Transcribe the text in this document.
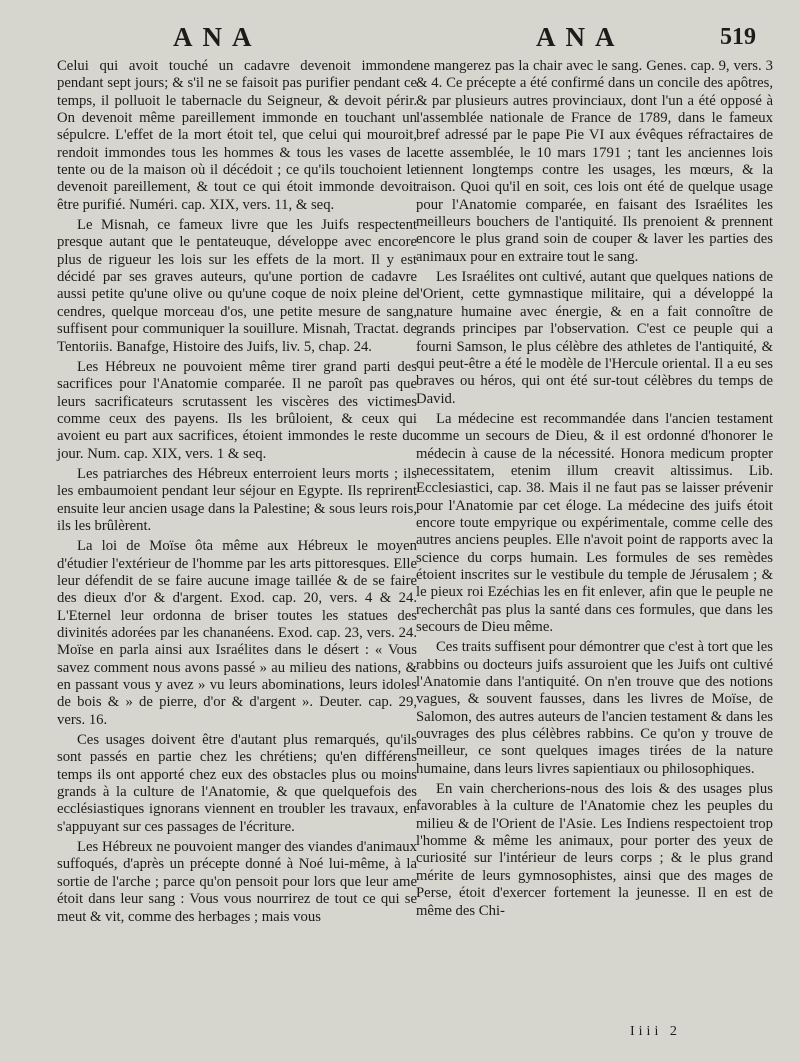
ANA	ANA	519

Celui qui avoit touché un cadavre devenoit immonde pendant sept jours; & s'il ne se faisoit pas purifier pendant ce temps, il polluoit le tabernacle du Seigneur, & devoit périr. On devenoit même pareillement immonde en touchant un sépulcre. L'effet de la mort étoit tel, que celui qui mouroit, rendoit immondes tous les hommes & tous les vases de la tente ou de la maison où il décédoit ; ce qu'ils touchoient le devenoit pareillement, & tout ce qui étoit immonde devoit être purifié. Numéri. cap. XIX, vers. 11, & seq.

Le Misnah, ce fameux livre que les Juifs respectent presque autant que le pentateuque, développe avec encore plus de rigueur les lois sur les effets de la mort. Il y est décidé par ses graves auteurs, qu'une portion de cadavre aussi petite qu'une olive ou qu'une coque de noix pleine de cendres, quelque morceau d'os, une petite mesure de sang, suffisent pour communiquer la souillure. Misnah, Tractat. de Tentoriis. Banafge, Histoire des Juifs, liv. 5, chap. 24.

Les Hébreux ne pouvoient même tirer grand parti des sacrifices pour l'Anatomie comparée. Il ne paroît pas que leurs sacrificateurs scrutassent les viscères des victimes comme ceux des payens. Ils les brûloient, & ceux qui avoient eu part aux sacrifices, étoient immondes le reste du jour. Num. cap. XIX, vers. 1 & seq.

Les patriarches des Hébreux enterroient leurs morts ; ils les embaumoient pendant leur séjour en Egypte. Ils reprirent ensuite leur ancien usage dans la Palestine; & sous leurs rois, ils les brûlèrent.

La loi de Moïse ôta même aux Hébreux le moyen d'étudier l'extérieur de l'homme par les arts pittoresques. Elle leur défendit de se faire aucune image taillée & de se faire des dieux d'or & d'argent. Exod. cap. 20, vers. 4 & 24. L'Eternel leur ordonna de briser toutes les statues des divinités adorées par les chananéens. Exod. cap. 23, vers. 24. Moïse en parla ainsi aux Israélites dans le désert : « Vous savez comment nous avons passé » au milieu des nations, & en passant vous y avez » vu leurs abominations, leurs idoles de bois & » de pierre, d'or & d'argent ». Deuter. cap. 29, vers. 16.

Ces usages doivent être d'autant plus remarqués, qu'ils sont passés en partie chez les chrétiens; qu'en différens temps ils ont apporté chez eux des obstacles plus ou moins grands à la culture de l'Anatomie, & que quelquefois des ecclésiastiques ignorans viennent en troubler les travaux, en s'appuyant sur ces passages de l'écriture.

Les Hébreux ne pouvoient manger des viandes d'animaux suffoqués, d'après un précepte donné à Noé lui-même, à la sortie de l'arche ; parce qu'on pensoit pour lors que leur ame étoit dans leur sang : Vous vous nourrirez de tout ce qui se meut & vit, comme des herbages ; mais vous

ne mangerez pas la chair avec le sang. Genes. cap. 9, vers. 3 & 4. Ce précepte a été confirmé dans un concile des apôtres, & par plusieurs autres provinciaux, dont l'un a été opposé à l'assemblée nationale de France de 1789, dans le fameux bref adressé par le pape Pie VI aux évêques réfractaires de cette assemblée, le 10 mars 1791 ; tant les anciennes lois tiennent longtemps contre les usages, les mœurs, & la raison. Quoi qu'il en soit, ces lois ont été de quelque usage pour l'Anatomie comparée, en faisant des Israélites les meilleurs bouchers de l'antiquité. Ils prenoient & prennent encore le plus grand soin de couper & laver les parties des animaux pour en extraire tout le sang.

Les Israélites ont cultivé, autant que quelques nations de l'Orient, cette gymnastique militaire, qui a développé la nature humaine avec énergie, & en a fait connoître de grands principes par l'observation. C'est ce peuple qui a fourni Samson, le plus célèbre des athletes de l'antiquité, & qui peut-être a été le modèle de l'Hercule oriental. Il a eu ses braves ou héros, qui ont été sur-tout célèbres du temps de David.

La médecine est recommandée dans l'ancien testament comme un secours de Dieu, & il est ordonné d'honorer le médecin à cause de la nécessité. Honora medicum propter necessitatem, etenim illum creavit altissimus. Lib. Ecclesiastici, cap. 38. Mais il ne faut pas se laisser prévenir pour l'Anatomie par cet éloge. La médecine des juifs étoit encore toute empyrique ou expérimentale, comme celle des autres anciens peuples. Elle n'avoit point de rapports avec la science du corps humain. Les formules de ses remèdes étoient inscrites sur le vestibule du temple de Jérusalem ; & le pieux roi Ezéchias les en fit enlever, afin que le peuple ne recherchât pas plus la santé dans ces formules, que dans les secours de Dieu même.

Ces traits suffisent pour démontrer que c'est à tort que les rabbins ou docteurs juifs assuroient que les Juifs ont cultivé l'Anatomie dans l'antiquité. On n'en trouve que des notions vagues, & souvent fausses, dans les livres de Moïse, de Salomon, des autres auteurs de l'ancien testament & dans les ouvrages des plus célèbres rabbins. Ce qu'on y trouve de meilleur, ce sont quelques images tirées de la nature humaine, dans leurs livres sapientiaux ou philosophiques.

En vain chercherions-nous des lois & des usages plus favorables à la culture de l'Anatomie chez les peuples du milieu & de l'Orient de l'Asie. Les Indiens respectoient trop l'homme & même les animaux, pour porter des yeux de curiosité sur l'intérieur de leurs corps ; & le plus grand mérite de leurs gymnosophistes, ainsi que des mages de Perse, étoit d'exercer fortement la jeunesse. Il en est de même des Chi-

Iiii 2
